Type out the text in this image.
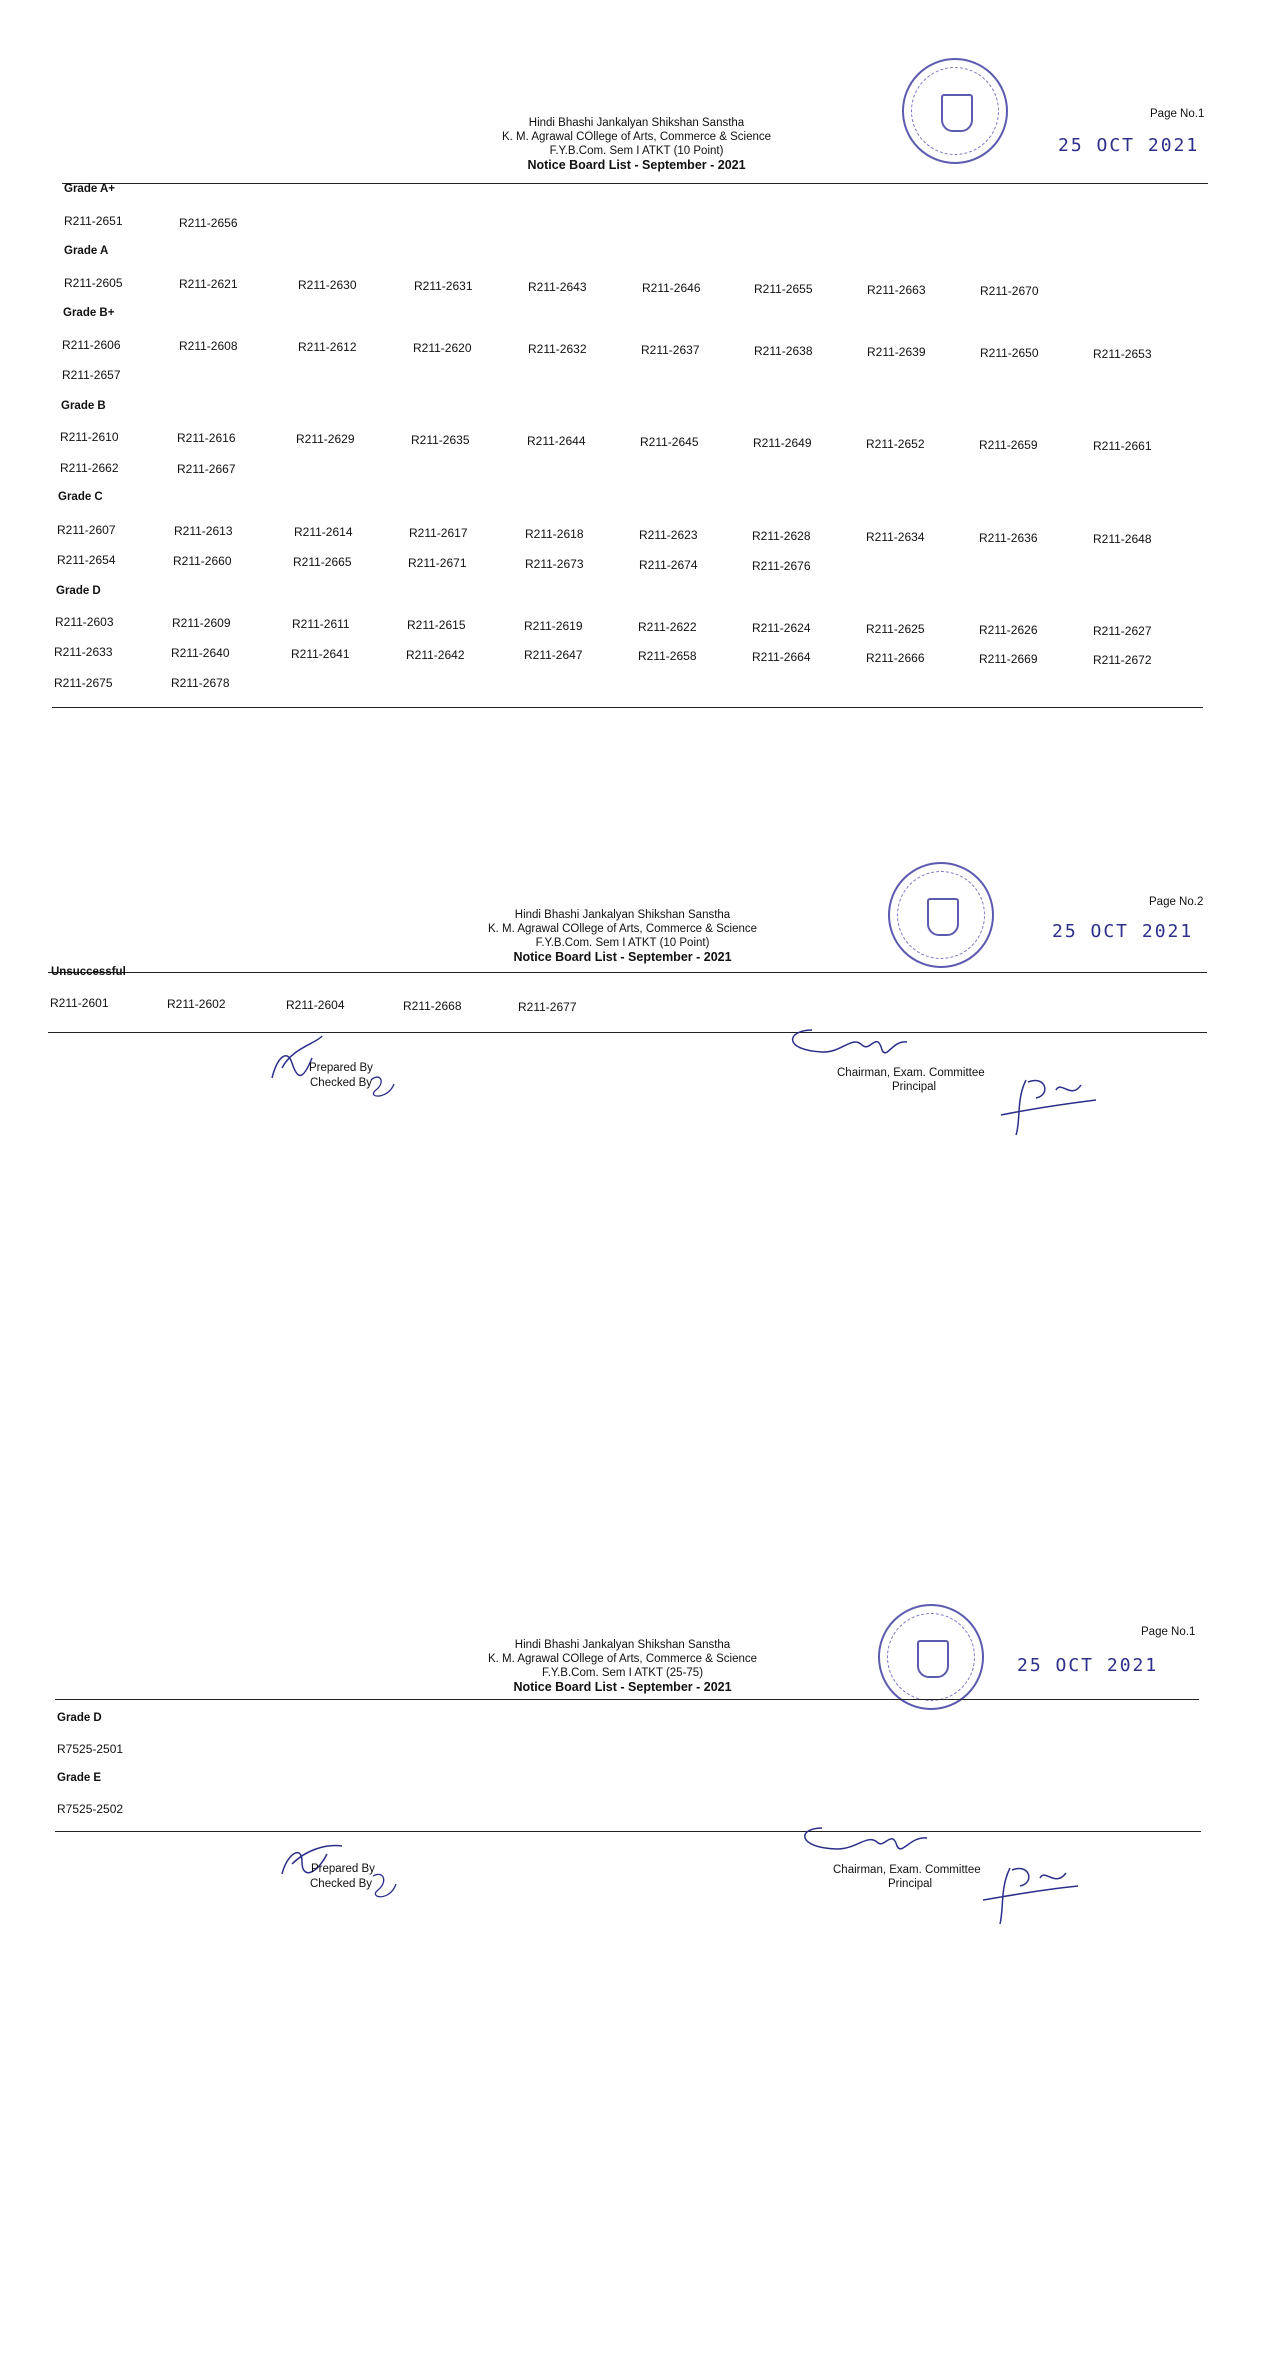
Hindi Bhashi Jankalyan Shikshan Sanstha
K. M. Agrawal COllege of Arts, Commerce & Science
F.Y.B.Com. Sem I ATKT (10 Point)
Notice Board List - September - 2021
Page No.1
25 OCT 2021
Grade A+
R211-2651	R211-2656
Grade A
R211-2605	R211-2621	R211-2630	R211-2631	R211-2643	R211-2646	R211-2655	R211-2663	R211-2670
Grade B+
R211-2606	R211-2608	R211-2612	R211-2620	R211-2632	R211-2637	R211-2638	R211-2639	R211-2650	R211-2653
R211-2657
Grade B
R211-2610	R211-2616	R211-2629	R211-2635	R211-2644	R211-2645	R211-2649	R211-2652	R211-2659	R211-2661
R211-2662	R211-2667
Grade C
R211-2607	R211-2613	R211-2614	R211-2617	R211-2618	R211-2623	R211-2628	R211-2634	R211-2636	R211-2648
R211-2654	R211-2660	R211-2665	R211-2671	R211-2673	R211-2674	R211-2676
Grade D
R211-2603	R211-2609	R211-2611	R211-2615	R211-2619	R211-2622	R211-2624	R211-2625	R211-2626	R211-2627
R211-2633	R211-2640	R211-2641	R211-2642	R211-2647	R211-2658	R211-2664	R211-2666	R211-2669	R211-2672
R211-2675	R211-2678
Hindi Bhashi Jankalyan Shikshan Sanstha
K. M. Agrawal COllege of Arts, Commerce & Science
F.Y.B.Com. Sem I ATKT (10 Point)
Notice Board List - September - 2021
Page No.2
25 OCT 2021
Unsuccessful
R211-2601	R211-2602	R211-2604	R211-2668	R211-2677
Prepared By
Checked By
Chairman, Exam. Committee
Principal
Hindi Bhashi Jankalyan Shikshan Sanstha
K. M. Agrawal COllege of Arts, Commerce & Science
F.Y.B.Com. Sem I ATKT (25-75)
Notice Board List - September - 2021
Page No.1
25 OCT 2021
Grade D
R7525-2501
Grade E
R7525-2502
Prepared By
Checked By
Chairman, Exam. Committee
Principal
